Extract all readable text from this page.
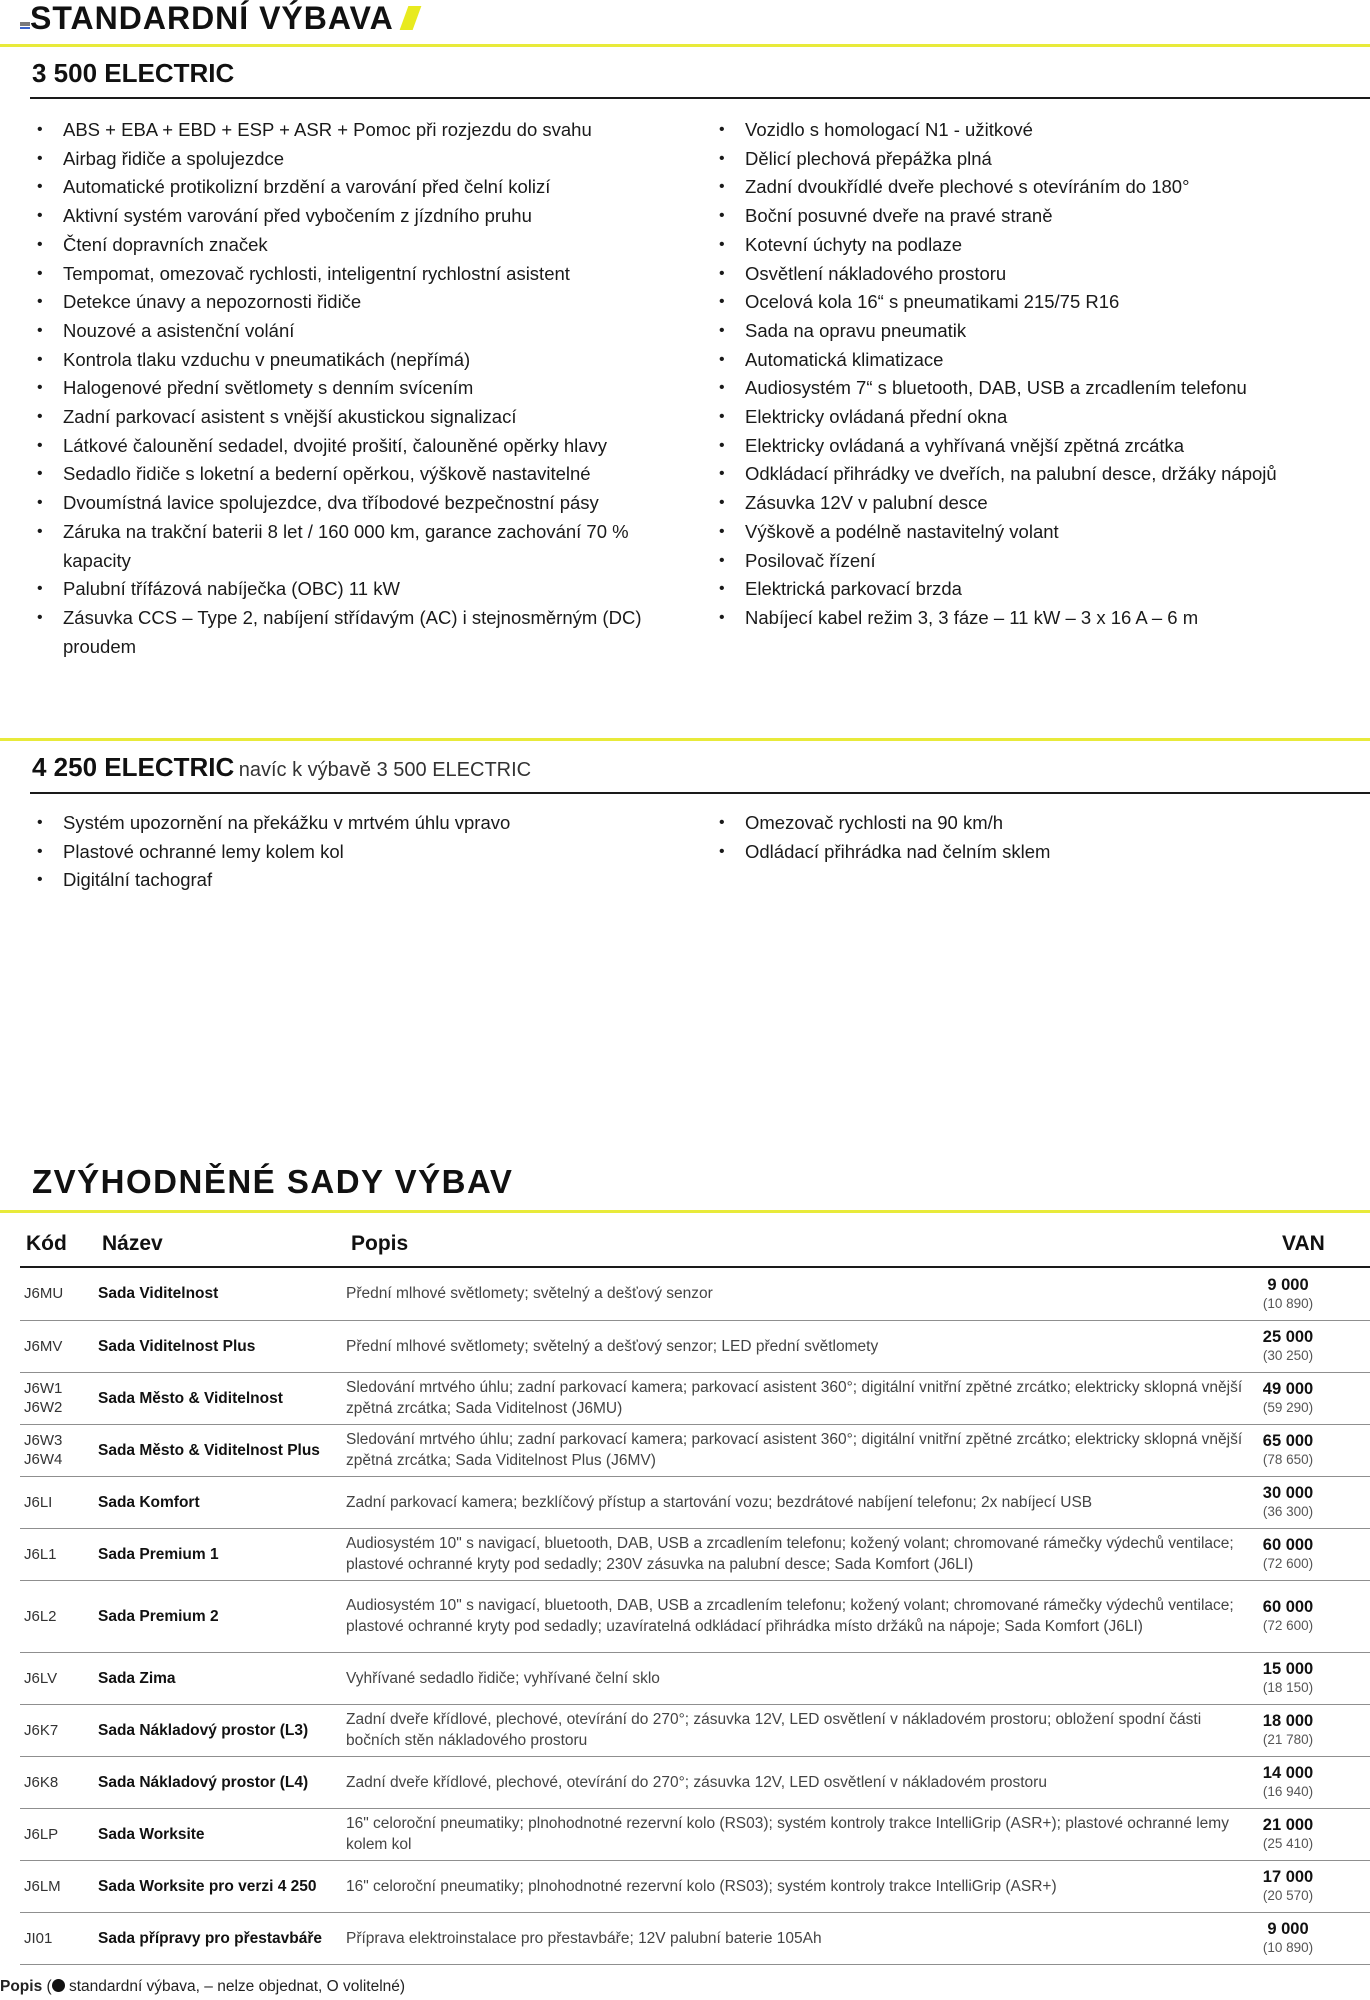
STANDARDNÍ VÝBAVA
3 500 ELECTRIC
• ABS + EBA + EBD + ESP + ASR + Pomoc při rozjezdu do svahu
• Airbag řidiče a spolujezdce
• Automatické protikolizní brzdění a varování před čelní kolizí
• Aktivní systém varování před vybočením z jízdního pruhu
• Čtení dopravních značek
• Tempomat, omezovač rychlosti, inteligentní rychlostní asistent
• Detekce únavy a nepozornosti řidiče
• Nouzové a asistenční volání
• Kontrola tlaku vzduchu v pneumatikách (nepřímá)
• Halogenové přední světlomety s denním svícením
• Zadní parkovací asistent s vnější akustickou signalizací
• Látkové čalounění sedadel, dvojité prošití, čalouněné opěrky hlavy
• Sedadlo řidiče s loketní a bederní opěrkou, výškově nastavitelné
• Dvoumístná lavice spolujezdce, dva tříbodové bezpečnostní pásy
• Záruka na trakční baterii 8 let / 160 000 km, garance zachování 70 % kapacity
• Palubní třífázová nabíječka (OBC) 11 kW
• Zásuvka CCS – Type 2, nabíjení střídavým (AC) i stejnosměrným (DC) proudem
• Vozidlo s homologací N1 - užitkové
• Dělicí plechová přepážka plná
• Zadní dvoukřídlé dveře plechové s otevíráním do 180°
• Boční posuvné dveře na pravé straně
• Kotevní úchyty na podlaze
• Osvětlení nákladového prostoru
• Ocelová kola 16“ s pneumatikami 215/75 R16
• Sada na opravu pneumatik
• Automatická klimatizace
• Audiosystém 7“ s bluetooth, DAB, USB a zrcadlením telefonu
• Elektricky ovládaná přední okna
• Elektricky ovládaná a vyhřívaná vnější zpětná zrcátka
• Odkládací přihrádky ve dveřích, na palubní desce, držáky nápojů
• Zásuvka 12V v palubní desce
• Výškově a podélně nastavitelný volant
• Posilovač řízení
• Elektrická parkovací brzda
• Nabíjecí kabel režim 3, 3 fáze – 11 kW – 3 x 16 A – 6 m
4 250 ELECTRIC navíc k výbavě 3 500 ELECTRIC
• Systém upozornění na překážku v mrtvém úhlu vpravo
• Plastové ochranné lemy kolem kol
• Digitální tachograf
• Omezovač rychlosti na 90 km/h
• Odládací přihrádka nad čelním sklem
ZVÝHODNĚNÉ SADY VÝBAV
Kód Název	Popis	VAN
J6MU	Sada Viditelnost	Přední mlhové světlomety; světelný a dešťový senzor	9 000
(10 890)

J6MV	Sada Viditelnost Plus	Přední mlhové světlomety; světelný a dešťový senzor; LED přední světlomety	25 000
(30 250)

J6W1 J6W2	Sada Město & Viditelnost	Sledování mrtvého úhlu; zadní parkovací kamera; parkovací asistent 360°; digitální vnitřní zpětné zrcátko; elektricky sklopná vnější zpětná zrcátka; Sada Viditelnost (J6MU)	49 000
(59 290)

J6W3 J6W4	Sada Město & Viditelnost Plus	Sledování mrtvého úhlu; zadní parkovací kamera; parkovací asistent 360°; digitální vnitřní zpětné zrcátko; elektricky sklopná vnější zpětná zrcátka; Sada Viditelnost Plus (J6MV)	65 000
(78 650)

J6LI	Sada Komfort	Zadní parkovací kamera; bezklíčový přístup a startování vozu; bezdrátové nabíjení telefonu; 2x nabíjecí USB	30 000
(36 300)

J6L1	Sada Premium 1	Audiosystém 10" s navigací, bluetooth, DAB, USB a zrcadlením telefonu; kožený volant; chromované rámečky výdechů ventilace; plastové ochranné kryty pod sedadly; 230V zásuvka na palubní desce; Sada Komfort (J6LI)	60 000
(72 600)

J6L2	Sada Premium 2	Audiosystém 10" s navigací, bluetooth, DAB, USB a zrcadlením telefonu; kožený volant; chromované rámečky výdechů ventilace; plastové ochranné kryty pod sedadly; uzavíratelná odkládací přihrádka místo držáků na nápoje; Sada Komfort (J6LI)	60 000
(72 600)

J6LV	Sada Zima	Vyhřívané sedadlo řidiče; vyhřívané čelní sklo	15 000
(18 150)

J6K7	Sada Nákladový prostor (L3)	Zadní dveře křídlové, plechové, otevírání do 270°; zásuvka 12V, LED osvětlení v nákladovém prostoru; obložení spodní části bočních stěn nákladového prostoru	18 000
(21 780)

J6K8	Sada Nákladový prostor (L4)	Zadní dveře křídlové, plechové, otevírání do 270°; zásuvka 12V, LED osvětlení v nákladovém prostoru	14 000
(16 940)

J6LP	Sada Worksite	16" celoroční pneumatiky; plnohodnotné rezervní kolo (RS03); systém kontroly trakce IntelliGrip (ASR+); plastové ochranné lemy kolem kol	21 000
(25 410)

J6LM	Sada Worksite pro verzi 4 250	16" celoroční pneumatiky; plnohodnotné rezervní kolo (RS03); systém kontroly trakce IntelliGrip (ASR+)	17 000
(20 570)

JI01	Sada přípravy pro přestavbáře	Příprava elektroinstalace pro přestavbáře; 12V palubní baterie 105Ah	9 000
(10 890)
Popis ( standardní výbava, – nelze objednat, O volitelné)
